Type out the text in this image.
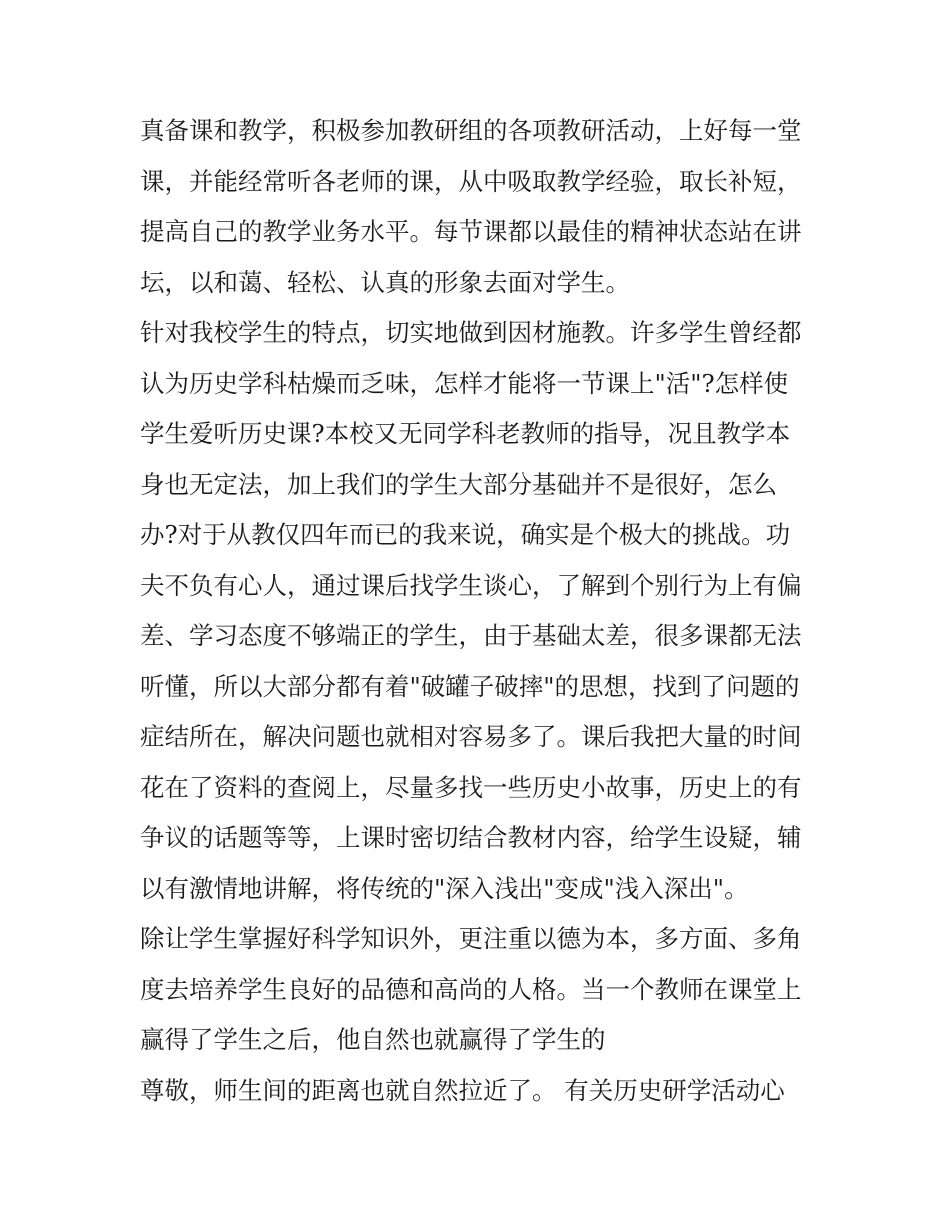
真备课和教学，积极参加教研组的各项教研活动，上好每一堂
课，并能经常听各老师的课，从中吸取教学经验，取长补短，
提高自己的教学业务水平。每节课都以最佳的精神状态站在讲
坛，以和蔼、轻松、认真的形象去面对学生。
针对我校学生的特点，切实地做到因材施教。许多学生曾经都
认为历史学科枯燥而乏味，怎样才能将一节课上"活"?怎样使
学生爱听历史课?本校又无同学科老教师的指导，况且教学本
身也无定法，加上我们的学生大部分基础并不是很好，怎么
办?对于从教仅四年而已的我来说，确实是个极大的挑战。功
夫不负有心人，通过课后找学生谈心，了解到个别行为上有偏
差、学习态度不够端正的学生，由于基础太差，很多课都无法
听懂，所以大部分都有着"破罐子破摔"的思想，找到了问题的
症结所在，解决问题也就相对容易多了。课后我把大量的时间
花在了资料的查阅上，尽量多找一些历史小故事，历史上的有
争议的话题等等，上课时密切结合教材内容，给学生设疑，辅
以有激情地讲解，将传统的"深入浅出"变成"浅入深出"。
除让学生掌握好科学知识外，更注重以德为本，多方面、多角
度去培养学生良好的品德和高尚的人格。当一个教师在课堂上
赢得了学生之后，他自然也就赢得了学生的
尊敬，师生间的距离也就自然拉近了。 有关历史研学活动心
